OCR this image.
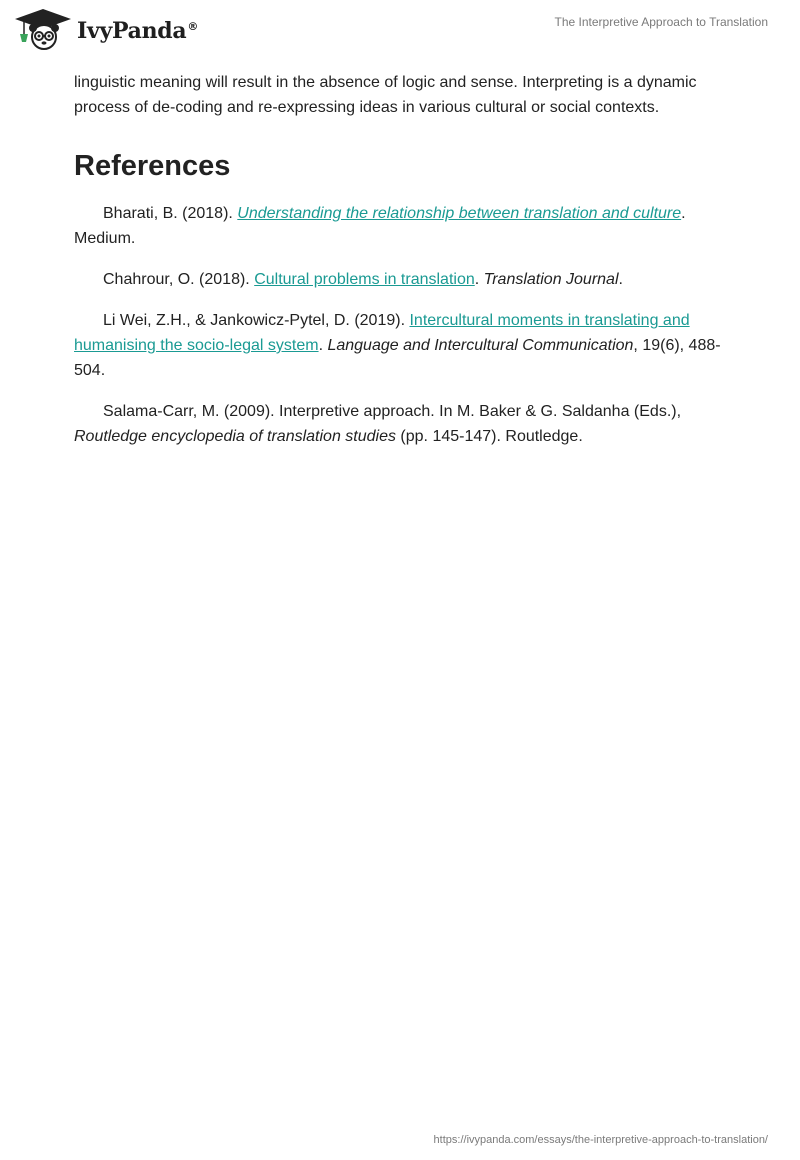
IvyPanda®	The Interpretive Approach to Translation

linguistic meaning will result in the absence of logic and sense. Interpreting is a dynamic process of de-coding and re-expressing ideas in various cultural or social contexts.

References

Bharati, B. (2018). Understanding the relationship between translation and culture. Medium.

Chahrour, O. (2018). Cultural problems in translation. Translation Journal.

Li Wei, Z.H., & Jankowicz-Pytel, D. (2019). Intercultural moments in translating and humanising the socio-legal system. Language and Intercultural Communication, 19(6), 488-504.

Salama-Carr, M. (2009). Interpretive approach. In M. Baker & G. Saldanha (Eds.), Routledge encyclopedia of translation studies (pp. 145-147). Routledge.

https://ivypanda.com/essays/the-interpretive-approach-to-translation/
